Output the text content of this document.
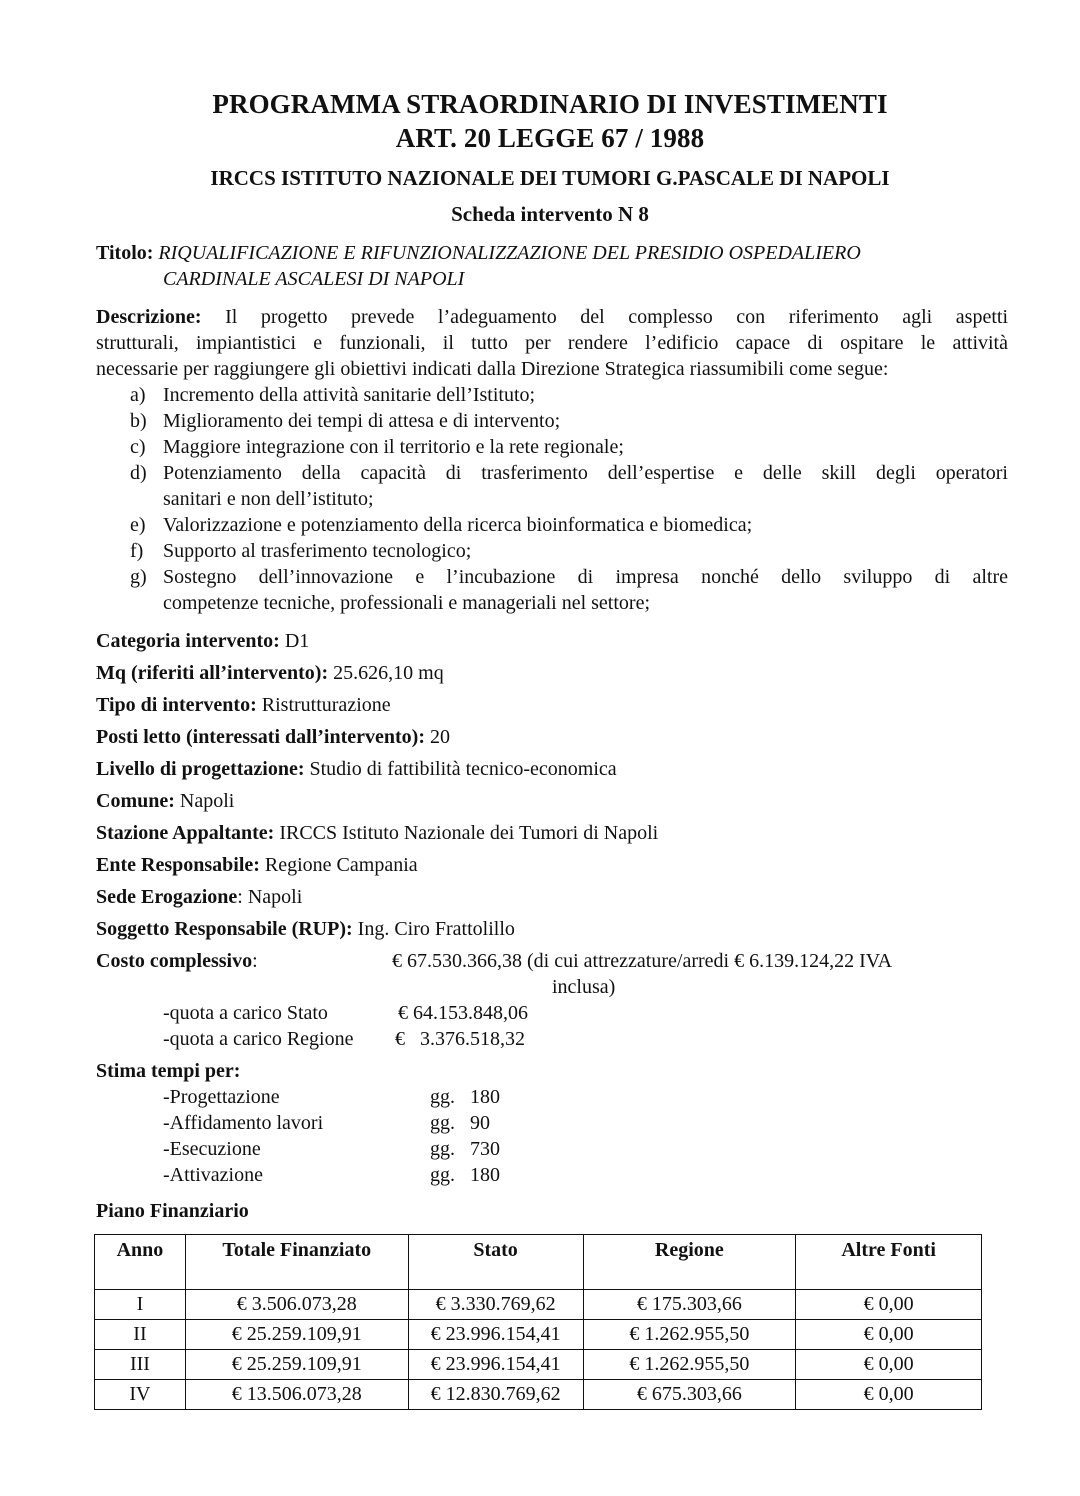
PROGRAMMA STRAORDINARIO DI INVESTIMENTI
ART. 20 LEGGE 67 / 1988
IRCCS ISTITUTO NAZIONALE DEI TUMORI G.PASCALE DI NAPOLI
Scheda intervento N 8
Titolo: RIQUALIFICAZIONE E RIFUNZIONALIZZAZIONE DEL PRESIDIO OSPEDALIERO
CARDINALE ASCALESI DI NAPOLI
Descrizione: Il progetto prevede l’adeguamento del complesso con riferimento agli aspetti
strutturali, impiantistici e funzionali, il tutto per rendere l’edificio capace di ospitare le attività
necessarie per raggiungere gli obiettivi indicati dalla Direzione Strategica riassumibili come segue:
a) Incremento della attività sanitarie dell’Istituto;
b) Miglioramento dei tempi di attesa e di intervento;
c) Maggiore integrazione con il territorio e la rete regionale;
d) Potenziamento della capacità di trasferimento dell’espertise e delle skill degli operatori
sanitari e non dell’istituto;
e) Valorizzazione e potenziamento della ricerca bioinformatica e biomedica;
f) Supporto al trasferimento tecnologico;
g) Sostegno dell’innovazione e l’incubazione di impresa nonché dello sviluppo di altre
competenze tecniche, professionali e manageriali nel settore;
Categoria intervento: D1
Mq (riferiti all’intervento): 25.626,10 mq
Tipo di intervento: Ristrutturazione
Posti letto (interessati dall’intervento): 20
Livello di progettazione: Studio di fattibilità tecnico-economica
Comune: Napoli
Stazione Appaltante: IRCCS Istituto Nazionale dei Tumori di Napoli
Ente Responsabile: Regione Campania
Sede Erogazione: Napoli
Soggetto Responsabile (RUP): Ing. Ciro Frattolillo
Costo complessivo:	€ 67.530.366,38 (di cui attrezzature/arredi € 6.139.124,22 IVA
inclusa)
-quota a carico Stato	€ 64.153.848,06
-quota a carico Regione €   3.376.518,32
Stima tempi per:
-Progettazione	gg. 180
-Affidamento lavori	gg. 90
-Esecuzione	gg. 730
-Attivazione	gg. 180
Piano Finanziario
Anno	Totale Finanziato	Stato	Regione	Altre Fonti
I	€ 3.506.073,28	€ 3.330.769,62	€ 175.303,66	€ 0,00
II	€ 25.259.109,91	€ 23.996.154,41	€ 1.262.955,50	€ 0,00
III	€ 25.259.109,91	€ 23.996.154,41	€ 1.262.955,50	€ 0,00
IV	€ 13.506.073,28	€ 12.830.769,62	€ 675.303,66	€ 0,00
